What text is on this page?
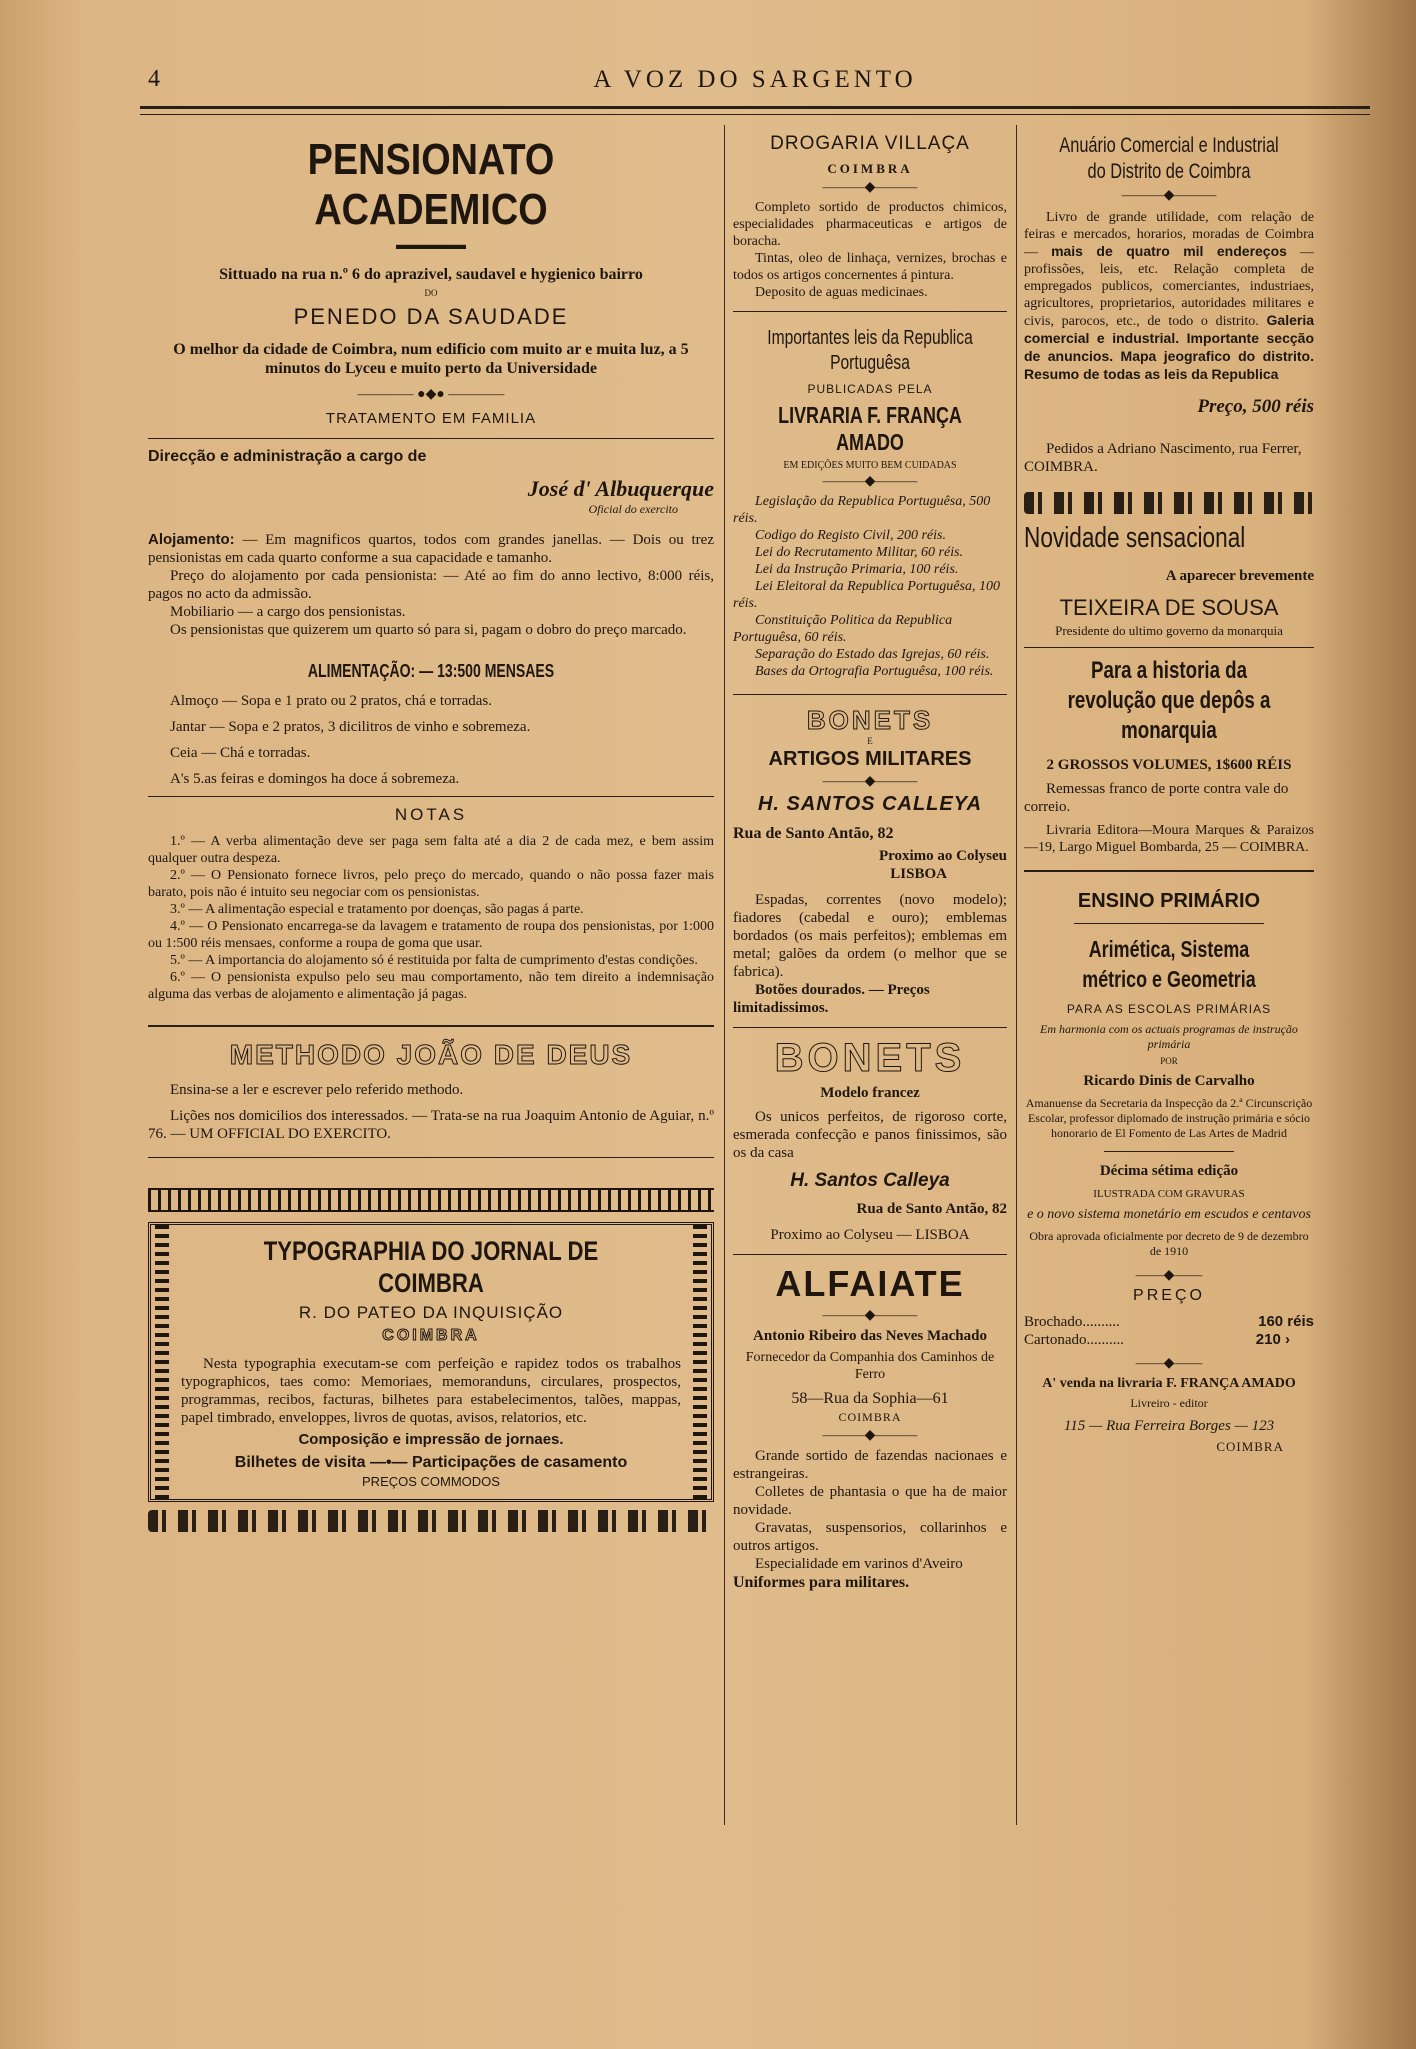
4	A VOZ DO SARGENTO
PENSIONATO ACADEMICO
▬▬▬▬▬

Sittuado na rua n.º 6 do aprazivel, saudavel e hygienico bairro

DO

PENEDO DA SAUDADE

O melhor da cidade de Coimbra, num edificio com muito ar e muita luz, a 5 minutos do Lyceu e muito perto da Universidade

———— ●◆● ————

TRATAMENTO EM FAMILIA

Direcção e administração a cargo de

José d' Albuquerque

Oficial do exercito

Alojamento: — Em magnificos quartos, todos com grandes janellas. — Dois ou trez pensionistas em cada quarto conforme a sua capacidade e tamanho.

Preço do alojamento por cada pensionista: — Até ao fim do anno lectivo, 8:000 réis, pagos no acto da admissão.

Mobiliario — a cargo dos pensionistas.

Os pensionistas que quizerem um quarto só para si, pagam o dobro do preço marcado.

ALIMENTAÇÃO: — 13:500 MENSAES

Almoço — Sopa e 1 prato ou 2 pratos, chá e torradas.

Jantar — Sopa e 2 pratos, 3 dicilitros de vinho e sobremeza.

Ceia — Chá e torradas.

A's 5.as feiras e domingos ha doce á sobremeza.

NOTAS

1.º — A verba alimentação deve ser paga sem falta até a dia 2 de cada mez, e bem assim qualquer outra despeza.

2.º — O Pensionato fornece livros, pelo preço do mercado, quando o não possa fazer mais barato, pois não é intuito seu negociar com os pensionistas.

3.º — A alimentação especial e tratamento por doenças, são pagas á parte.

4.º — O Pensionato encarrega-se da lavagem e tratamento de roupa dos pensionistas, por 1:000 ou 1:500 réis mensaes, conforme a roupa de goma que usar.

5.º — A importancia do alojamento só é restituida por falta de cumprimento d'estas condições.

6.º — O pensionista expulso pelo seu mau comportamento, não tem direito a indemnisação alguma das verbas de alojamento e alimentação já pagas.

METHODO JOÃO DE DEUS

Ensina-se a ler e escrever pelo referido methodo.

Lições nos domicilios dos interessados. — Trata-se na rua Joaquim Antonio de Aguiar, n.º 76. — UM OFFICIAL DO EXERCITO.

TYPOGRAPHIA DO JORNAL DE COIMBRA

R. DO PATEO DA INQUISIÇÃO

COIMBRA

Nesta typographia executam-se com perfeição e rapidez todos os trabalhos typographicos, taes como: Memoriaes, memoranduns, circulares, prospectos, programmas, recibos, facturas, bilhetes para estabelecimentos, talões, mappas, papel timbrado, enveloppes, livros de quotas, avisos, relatorios, etc.

Composição e impressão de jornaes.

Bilhetes de visita —•— Participações de casamento

PREÇOS COMMODOS

DROGARIA VILLAÇA

COIMBRA

———◆———

Completo sortido de productos chimicos, especialidades pharmaceuticas e artigos de boracha.

Tintas, oleo de linhaça, vernizes, brochas e todos os artigos concernentes á pintura.

Deposito de aguas medicinaes.

Importantes leis da Republica Portuguêsa

PUBLICADAS PELA

LIVRARIA F. FRANÇA AMADO

EM EDIÇÕES MUITO BEM CUIDADAS

———◆———

Legislação da Republica Portuguêsa, 500 réis.

Codigo do Registo Civil, 200 réis.

Lei do Recrutamento Militar, 60 réis.

Lei da Instrução Primaria, 100 réis.

Lei Eleitoral da Republica Portuguêsa, 100 réis.

Constituição Politica da Republica Portuguêsa, 60 réis.

Separação do Estado das Igrejas, 60 réis.

Bases da Ortografia Portuguêsa, 100 réis.

BONETS

E

ARTIGOS MILITARES

———◆———

H. SANTOS CALLEYA

Rua de Santo Antão, 82

Proximo ao Colyseu

LISBOA

Espadas, correntes (novo modelo); fiadores (cabedal e ouro); emblemas bordados (os mais perfeitos); emblemas em metal; galões da ordem (o melhor que se fabrica).

Botões dourados. — Preços limitadissimos.

BONETS

Modelo francez

Os unicos perfeitos, de rigoroso corte, esmerada confecção e panos finissimos, são os da casa

H. Santos Calleya

Rua de Santo Antão, 82

Proximo ao Colyseu — LISBOA

ALFAIATE

———◆———

Antonio Ribeiro das Neves Machado

Fornecedor da Companhia dos Caminhos de Ferro

58—Rua da Sophia—61

COIMBRA

———◆———

Grande sortido de fazendas nacionaes e estrangeiras.

Colletes de phantasia o que ha de maior novidade.

Gravatas, suspensorios, collarinhos e outros artigos.

Especialidade em varinos d'Aveiro

Uniformes para militares.

Anuário Comercial e Industrial do Distrito de Coimbra

———◆———

Livro de grande utilidade, com relação de feiras e mercados, horarios, moradas de Coimbra — mais de quatro mil endereços — profissões, leis, etc. Relação completa de empregados publicos, comerciantes, industriaes, agricultores, proprietarios, autoridades militares e civis, parocos, etc., de todo o distrito. Galeria comercial e industrial. Importante secção de anuncios. Mapa jeografico do distrito. Resumo de todas as leis da Republica

Preço, 500 réis

Pedidos a Adriano Nascimento, rua Ferrer, COIMBRA.

Novidade sensacional

A aparecer brevemente

TEIXEIRA DE SOUSA

Presidente do ultimo governo da monarquia

Para a historia da revolução que depôs a monarquia

2 GROSSOS VOLUMES, 1$600 RÉIS

Remessas franco de porte contra vale do correio.

Livraria Editora—Moura Marques & Paraizos—19, Largo Miguel Bombarda, 25 — COIMBRA.

ENSINO PRIMÁRIO

Arimética, Sistema métrico e Geometria

PARA AS ESCOLAS PRIMÁRIAS

Em harmonia com os actuais programas de instrução primária

POR

Ricardo Dinis de Carvalho

Amanuense da Secretaria da Inspecção da 2.ª Circunscrição Escolar, professor diplomado de instrução primária e sócio honorario de El Fomento de Las Artes de Madrid

Décima sétima edição

ILUSTRADA COM GRAVURAS

e o novo sistema monetário em escudos e centavos

Obra aprovada oficialmente por decreto de 9 de dezembro de 1910

——◆——

PREÇO

Brochado..........	160 réis
Cartonado..........	210 ›
——◆——

A' venda na livraria F. FRANÇA AMADO

Livreiro - editor

115 — Rua Ferreira Borges — 123

COIMBRA
